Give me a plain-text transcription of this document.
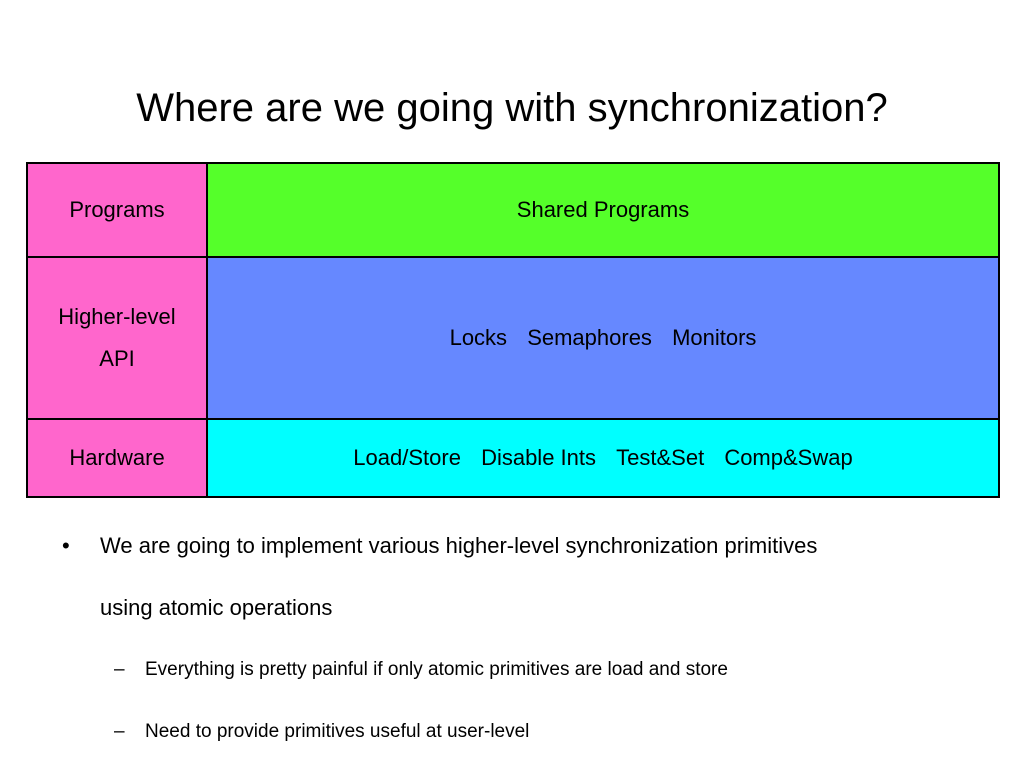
Where are we going with synchronization?
Programs	Shared Programs

Higher-level
API	Locks Semaphores Monitors
Hardware	Load/Store Disable Ints Test&Set Comp&Swap
•	We are going to implement various higher-level synchronization primitives
using atomic operations
– Everything is pretty painful if only atomic primitives are load and store
– Need to provide primitives useful at user-level
